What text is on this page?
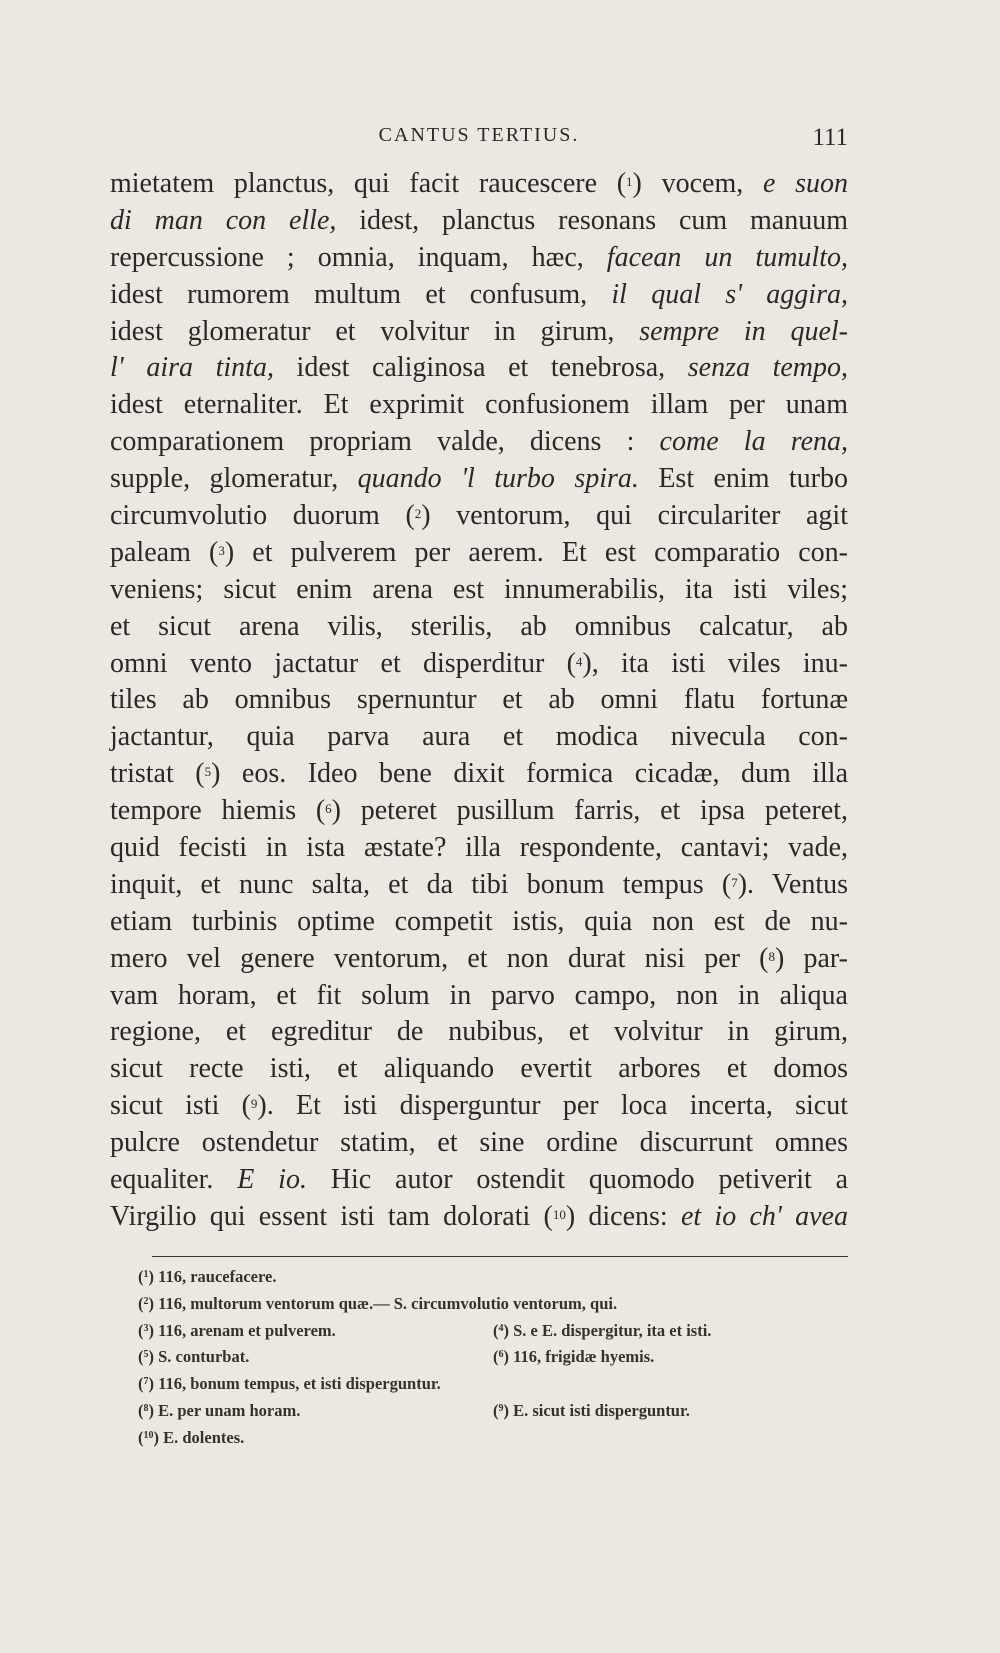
CANTUS TERTIUS.	111
mietatem planctus, qui facit raucescere ($^1$) vocem, e suon
di man con elle, idest, planctus resonans cum manuum
repercussione ; omnia, inquam, hæc, facean un tumulto,
idest rumorem multum et confusum, il qual s' aggira,
idest glomeratur et volvitur in girum, sempre in quel-
l' aira tinta, idest caliginosa et tenebrosa, senza tempo,
idest eternaliter. Et exprimit confusionem illam per unam
comparationem propriam valde, dicens : come la rena,
supple, glomeratur, quando 'l turbo spira. Est enim turbo
circumvolutio duorum ($^2$) ventorum, qui circulariter agit
paleam ($^3$) et pulverem per aerem. Et est comparatio con-
veniens; sicut enim arena est innumerabilis, ita isti viles;
et sicut arena vilis, sterilis, ab omnibus calcatur, ab
omni vento jactatur et disperditur ($^4$), ita isti viles inu-
tiles ab omnibus spernuntur et ab omni flatu fortunæ
jactantur, quia parva aura et modica nivecula con-
tristat ($^5$) eos. Ideo bene dixit formica cicadæ, dum illa
tempore hiemis ($^6$) peteret pusillum farris, et ipsa peteret,
quid fecisti in ista æstate? illa respondente, cantavi; vade,
inquit, et nunc salta, et da tibi bonum tempus ($^7$). Ventus
etiam turbinis optime competit istis, quia non est de nu-
mero vel genere ventorum, et non durat nisi per ($^8$) par-
vam horam, et fit solum in parvo campo, non in aliqua
regione, et egreditur de nubibus, et volvitur in girum,
sicut recte isti, et aliquando evertit arbores et domos
sicut isti ($^9$). Et isti disperguntur per loca incerta, sicut
pulcre ostendetur statim, et sine ordine discurrunt omnes
equaliter. E io. Hic autor ostendit quomodo petiverit a
Virgilio qui essent isti tam dolorati ($^{10}$) dicens: et io ch' avea
($^1$) 116, raucefacere.
($^2$) 116, multorum ventorum quæ.— S. circumvolutio ventorum, qui.
($^3$) 116, arenam et pulverem.	($^4$) S. e E. dispergitur, ita et isti.
($^5$) S. conturbat.	($^6$) 116, frigidæ hyemis.
($^7$) 116, bonum tempus, et isti disperguntur.
($^8$) E. per unam horam.	($^9$) E. sicut isti disperguntur.
($^{10}$) E. dolentes.
